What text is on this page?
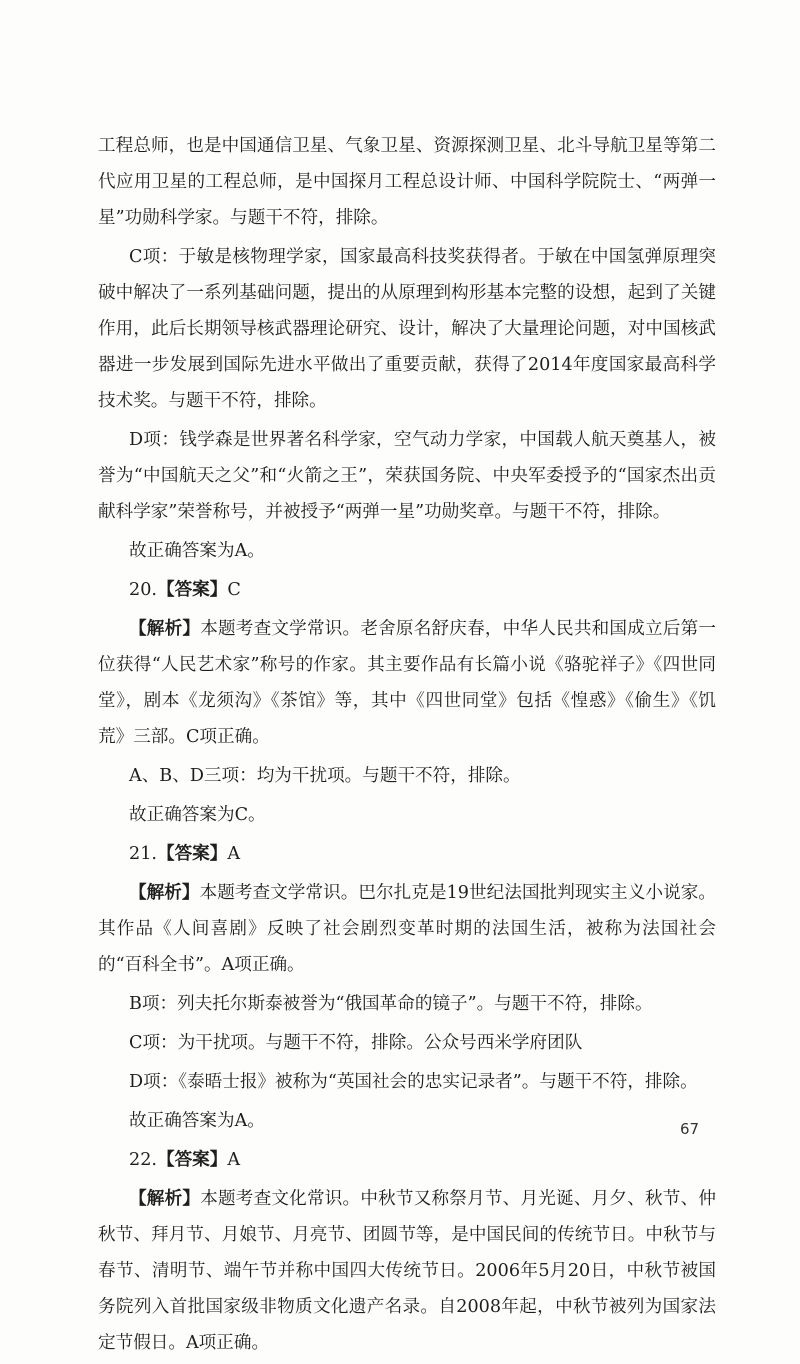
工程总师，也是中国通信卫星、气象卫星、资源探测卫星、北斗导航卫星等第二代应用卫星的工程总师，是中国探月工程总设计师、中国科学院院士、“两弹一星”功勋科学家。与题干不符，排除。

C项：于敏是核物理学家，国家最高科技奖获得者。于敏在中国氢弹原理突破中解决了一系列基础问题，提出的从原理到构形基本完整的设想，起到了关键作用，此后长期领导核武器理论研究、设计，解决了大量理论问题，对中国核武器进一步发展到国际先进水平做出了重要贡献，获得了2014年度国家最高科学技术奖。与题干不符，排除。

D项：钱学森是世界著名科学家，空气动力学家，中国载人航天奠基人，被誉为“中国航天之父”和“火箭之王”，荣获国务院、中央军委授予的“国家杰出贡献科学家”荣誉称号，并被授予“两弹一星”功勋奖章。与题干不符，排除。

故正确答案为A。

20.【答案】C

【解析】本题考查文学常识。老舍原名舒庆春，中华人民共和国成立后第一位获得“人民艺术家”称号的作家。其主要作品有长篇小说《骆驼祥子》《四世同堂》，剧本《龙须沟》《茶馆》等，其中《四世同堂》包括《惶惑》《偷生》《饥荒》三部。C项正确。

A、B、D三项：均为干扰项。与题干不符，排除。

故正确答案为C。

21.【答案】A

【解析】本题考查文学常识。巴尔扎克是19世纪法国批判现实主义小说家。其作品《人间喜剧》反映了社会剧烈变革时期的法国生活，被称为法国社会的“百科全书”。A项正确。

B项：列夫托尔斯泰被誉为“俄国革命的镜子”。与题干不符，排除。

C项：为干扰项。与题干不符，排除。公众号西米学府团队

D项：《泰晤士报》被称为“英国社会的忠实记录者”。与题干不符，排除。

故正确答案为A。

22.【答案】A

【解析】本题考查文化常识。中秋节又称祭月节、月光诞、月夕、秋节、仲秋节、拜月节、月娘节、月亮节、团圆节等，是中国民间的传统节日。中秋节与春节、清明节、端午节并称中国四大传统节日。2006年5月20日，中秋节被国务院列入首批国家级非物质文化遗产名录。自2008年起，中秋节被列为国家法定节假日。A项正确。

67
